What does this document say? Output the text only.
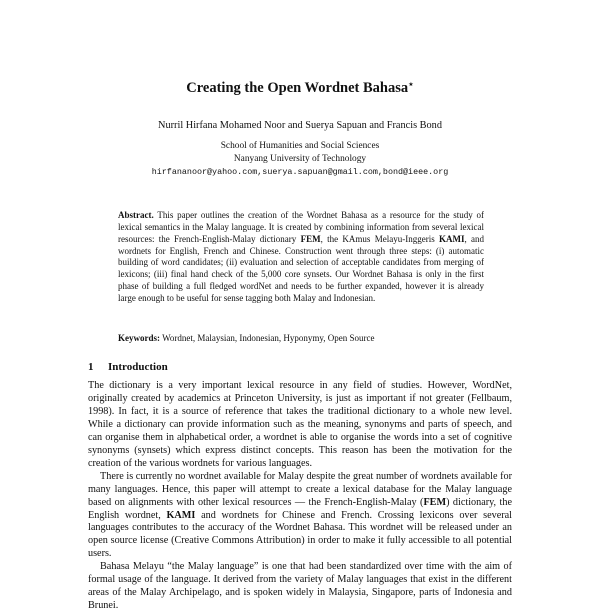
Creating the Open Wordnet Bahasa⋆
Nurril Hirfana Mohamed Noor and Suerya Sapuan and Francis Bond
School of Humanities and Social Sciences
Nanyang University of Technology
hirfananoor@yahoo.com,suerya.sapuan@gmail.com,bond@ieee.org

Abstract. This paper outlines the creation of the Wordnet Bahasa as a resource for the study of lexical semantics in the Malay language. It is created by combining information from several lexical resources: the French-English-Malay dictionary FEM, the KAmus Melayu-Inggeris KAMI, and wordnets for English, French and Chinese. Construction went through three steps: (i) automatic building of word candidates; (ii) evaluation and selection of acceptable candidates from merging of lexicons; (iii) final hand check of the 5,000 core synsets. Our Wordnet Bahasa is only in the first phase of building a full fledged wordNet and needs to be further expanded, however it is already large enough to be useful for sense tagging both Malay and Indonesian.

Keywords: Wordnet, Malaysian, Indonesian, Hyponymy, Open Source
1 Introduction

The dictionary is a very important lexical resource in any field of studies. However, WordNet, originally created by academics at Princeton University, is just as important if not greater (Fellbaum, 1998). In fact, it is a source of reference that takes the traditional dictionary to a whole new level. While a dictionary can provide information such as the meaning, synonyms and parts of speech, and can organise them in alphabetical order, a wordnet is able to organise the words into a set of cognitive synonyms (synsets) which express distinct concepts. This reason has been the motivation for the creation of the various wordnets for various languages.

There is currently no wordnet available for Malay despite the great number of wordnets available for many languages. Hence, this paper will attempt to create a lexical database for the Malay language based on alignments with other lexical resources — the French-English-Malay (FEM) dictionary, the English wordnet, KAMI and wordnets for Chinese and French. Crossing lexicons over several languages contributes to the accuracy of the Wordnet Bahasa. This wordnet will be released under an open source license (Creative Commons Attribution) in order to make it fully accessible to all potential users.

Bahasa Melayu “the Malay language” is one that had been standardized over time with the aim of formal usage of the language. It derived from the variety of Malay languages that exist in the different areas of the Malay Archipelago, and is spoken widely in Malaysia, Singapore, parts of Indonesia and Brunei.
